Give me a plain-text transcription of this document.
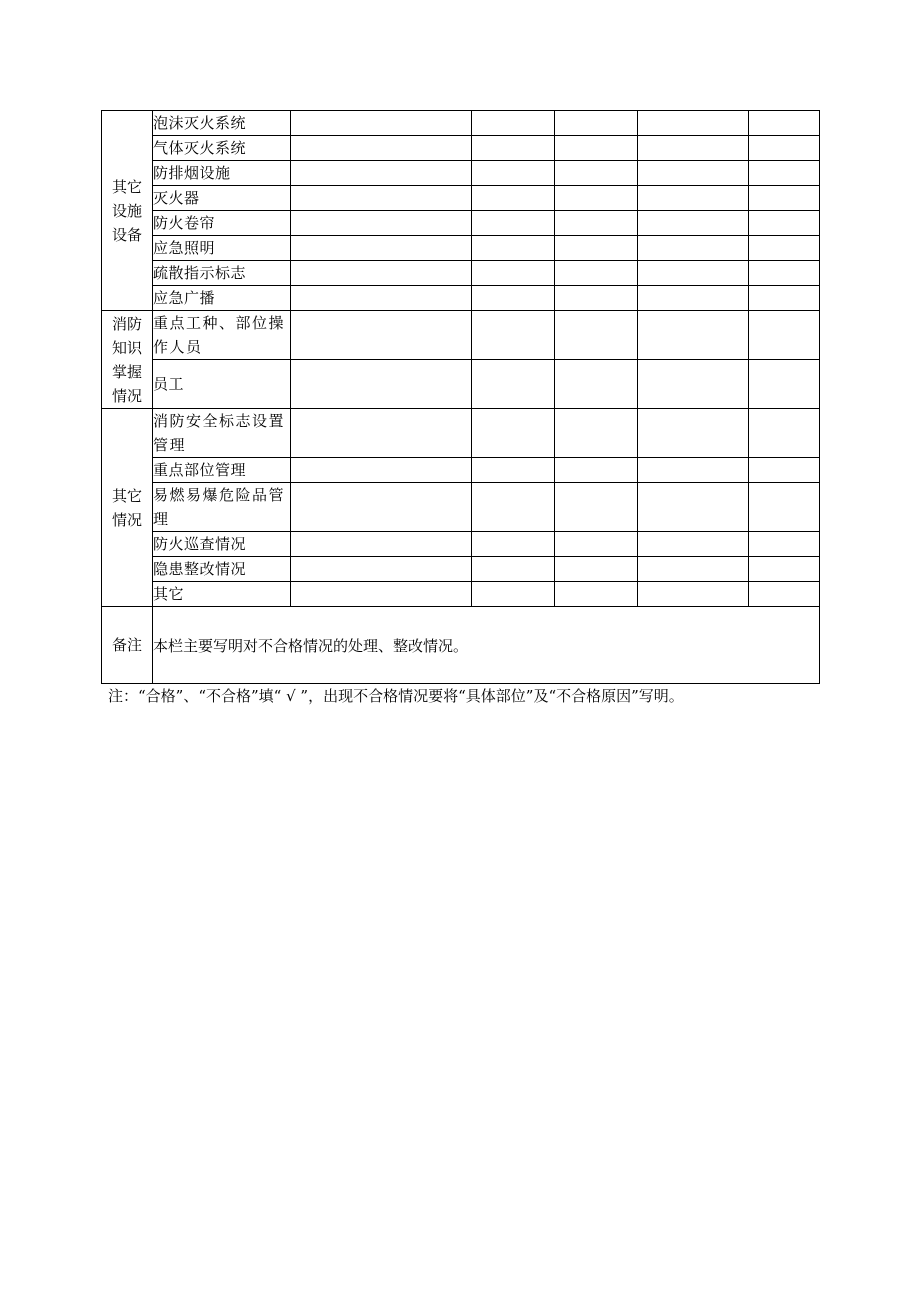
其它
设施
设备	泡沫灭火系统					
	气体灭火系统					
	防排烟设施					
	灭火器					
	防火卷帘					
	应急照明					
	疏散指示标志					
	应急广播					
消防
知识
掌握
情况	重点工种、部位操作人员					
	员工					
其它
情况	消防安全标志设置管理					
	重点部位管理					
	易燃易爆危险品管理					
	防火巡查情况					
	隐患整改情况					
	其它					
备注	本栏主要写明对不合格情况的处理、整改情况。					
注：“合格”、“不合格”填“ √ ”，出现不合格情况要将“具体部位”及“不合格原因”写明。
